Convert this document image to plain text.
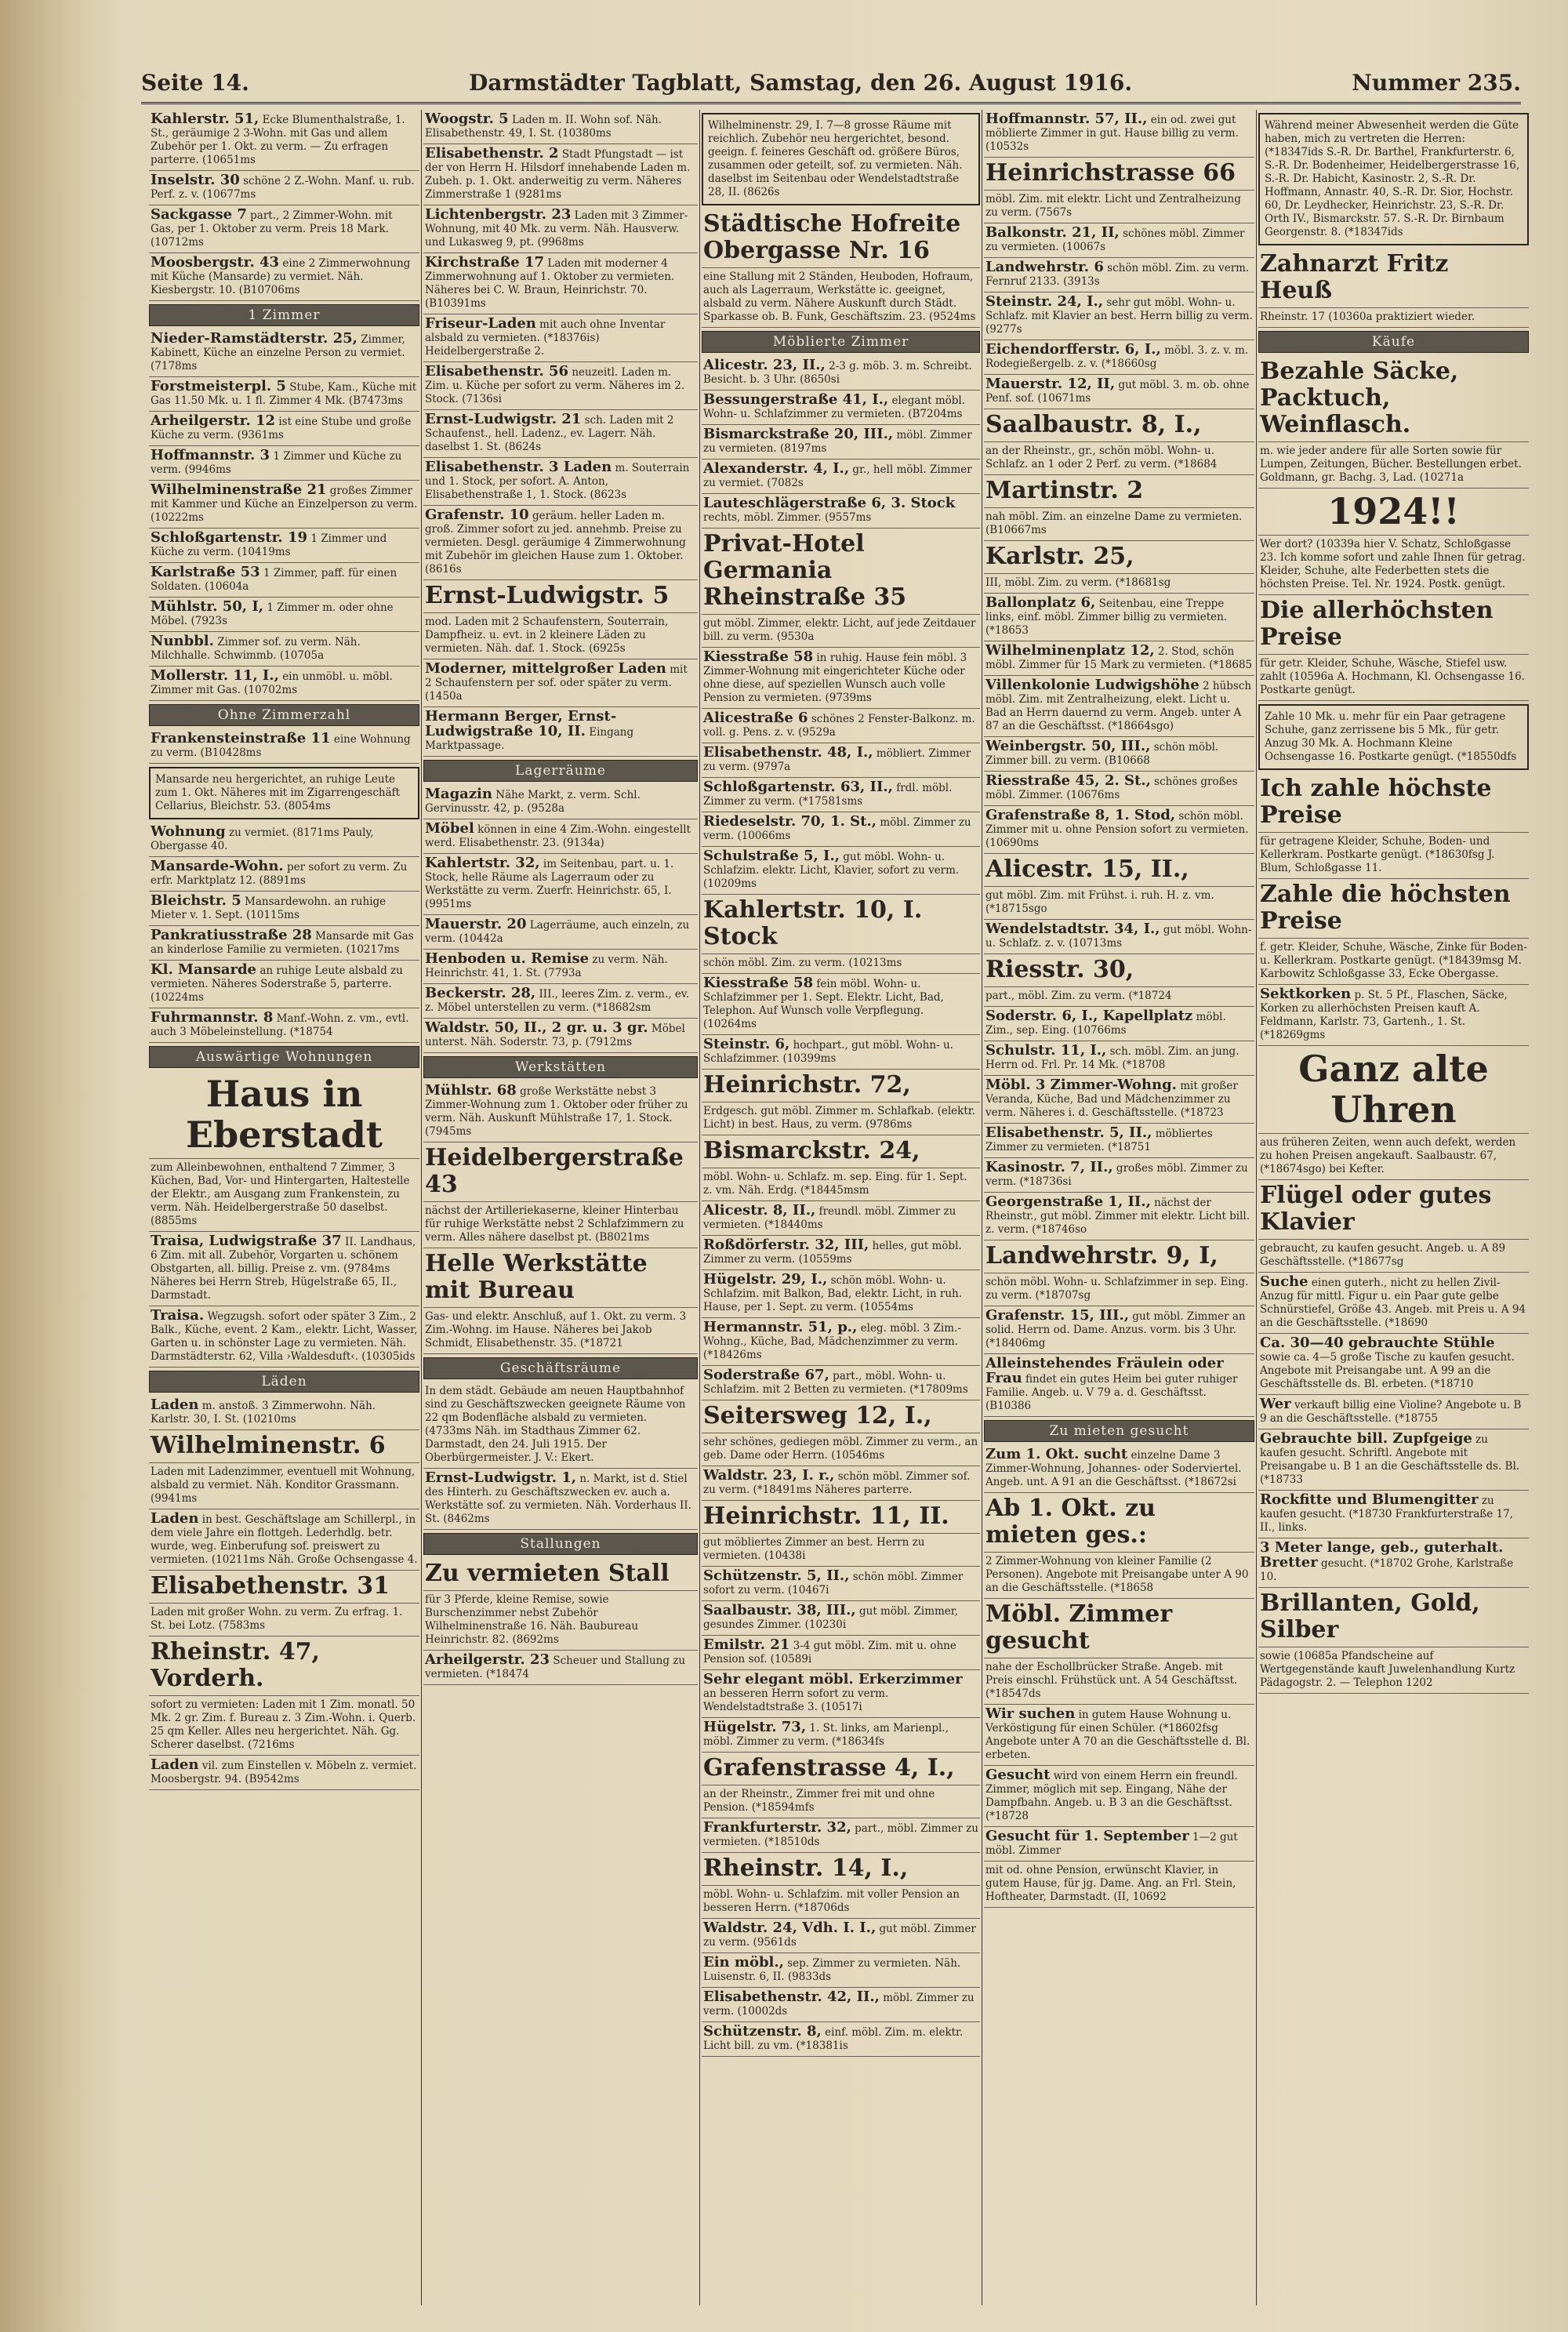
Seite 14.	Darmstädter Tagblatt, Samstag, den 26. August 1916.	Nummer 235.
Kahlerstr. 51, Ecke Blumenthalstraße, 1. St., geräumige 2 3-Wohn. mit Gas und allem Zubehör per 1. Okt. zu verm. — Zu erfragen parterre. (10651ms
Inselstr. 30 schöne 2 Z.-Wohn. Manf. u. rub. Perf. z. v. (10677ms
Sackgasse 7 part., 2 Zimmer-Wohn. mit Gas, per 1. Oktober zu verm. Preis 18 Mark. (10712ms
Moosbergstr. 43 eine 2 Zimmerwohnung mit Küche (Mansarde) zu vermiet. Näh. Kiesbergstr. 10. (B10706ms
1 Zimmer
Nieder-Ramstädterstr. 25, Zimmer, Kabinett, Küche an einzelne Person zu vermiet. (7178ms
Forstmeisterpl. 5 Stube, Kam., Küche mit Gas 11.50 Mk. u. 1 fl. Zimmer 4 Mk. (B7473ms
Arheilgerstr. 12 ist eine Stube und große Küche zu verm. (9361ms
Hoffmannstr. 3 1 Zimmer und Küche zu verm. (9946ms
Wilhelminenstraße 21 großes Zimmer mit Kammer und Küche an Einzelperson zu verm. (10222ms
Schloßgartenstr. 19 1 Zimmer und Küche zu verm. (10419ms
Karlstraße 53 1 Zimmer, paff. für einen Soldaten. (10604a
Mühlstr. 50, I, 1 Zimmer m. oder ohne Möbel. (7923s
Nunbbl. Zimmer sof. zu verm. Näh. Milchhalle. Schwimmb. (10705a
Mollerstr. 11, I., ein unmöbl. u. möbl. Zimmer mit Gas. (10702ms
Ohne Zimmerzahl
Frankensteinstraße 11 eine Wohnung zu verm. (B10428ms
Mansarde neu hergerichtet, an ruhige Leute zum 1. Okt. Näheres mit im Zigarrengeschäft Cellarius, Bleichstr. 53. (8054ms
Wohnung zu vermiet. (8171ms Pauly, Obergasse 40.
Mansarde-Wohn. per sofort zu verm. Zu erfr. Marktplatz 12. (8891ms
Bleichstr. 5 Mansardewohn. an ruhige Mieter v. 1. Sept. (10115ms
Pankratiusstraße 28 Mansarde mit Gas an kinderlose Familie zu vermieten. (10217ms
Kl. Mansarde an ruhige Leute alsbald zu vermieten. Näheres Soderstraße 5, parterre. (10224ms
Fuhrmannstr. 8 Manf.-Wohn. z. vm., evtl. auch 3 Möbeleinstellung. (*18754
Auswärtige Wohnungen
Haus in Eberstadt
zum Alleinbewohnen, enthaltend 7 Zimmer, 3 Küchen, Bad, Vor- und Hintergarten, Haltestelle der Elektr., am Ausgang zum Frankenstein, zu verm. Näh. Heidelbergerstraße 50 daselbst. (8855ms
Traisa, Ludwigstraße 37 II. Landhaus, 6 Zim. mit all. Zubehör, Vorgarten u. schönem Obstgarten, all. billig. Preise z. vm. (9784ms Näheres bei Herrn Streb, Hügelstraße 65, II., Darmstadt.
Traisa. Wegzugsh. sofort oder später 3 Zim., 2 Balk., Küche, event. 2 Kam., elektr. Licht, Wasser, Garten u. in schönster Lage zu vermieten. Näh. Darmstädterstr. 62, Villa ›Waldesduft‹. (10305ids
Läden
Laden m. anstoß. 3 Zimmerwohn. Näh. Karlstr. 30, I. St. (10210ms
Wilhelminenstr. 6
Laden mit Ladenzimmer, eventuell mit Wohnung, alsbald zu vermiet. Näh. Konditor Grassmann. (9941ms
Laden in best. Geschäftslage am Schillerpl., in dem viele Jahre ein flottgeh. Lederhdlg. betr. wurde, weg. Einberufung sof. preiswert zu vermieten. (10211ms Näh. Große Ochsengasse 4.
Elisabethenstr. 31
Laden mit großer Wohn. zu verm. Zu erfrag. 1. St. bei Lotz. (7583ms
Rheinstr. 47, Vorderh.
sofort zu vermieten: Laden mit 1 Zim. monatl. 50 Mk. 2 gr. Zim. f. Bureau z. 3 Zim.-Wohn. i. Querb. 25 qm Keller. Alles neu hergerichtet. Näh. Gg. Scherer daselbst. (7216ms
Laden vil. zum Einstellen v. Möbeln z. vermiet. Moosbergstr. 94. (B9542ms
Woogstr. 5 Laden m. II. Wohn sof. Näh. Elisabethenstr. 49, I. St. (10380ms
Elisabethenstr. 2 Stadt Pfungstadt — ist der von Herrn H. Hilsdorf innehabende Laden m. Zubeh. p. 1. Okt. anderweitig zu verm. Näheres Zimmerstraße 1 (9281ms
Lichtenbergstr. 23 Laden mit 3 Zimmer-Wohnung, mit 40 Mk. zu verm. Näh. Hausverw. und Lukasweg 9, pt. (9968ms
Kirchstraße 17 Laden mit moderner 4 Zimmerwohnung auf 1. Oktober zu vermieten. Näheres bei C. W. Braun, Heinrichstr. 70. (B10391ms
Friseur-Laden mit auch ohne Inventar alsbald zu vermieten. (*18376is) Heidelbergerstraße 2.
Elisabethenstr. 56 neuzeitl. Laden m. Zim. u. Küche per sofort zu verm. Näheres im 2. Stock. (7136si
Ernst-Ludwigstr. 21 sch. Laden mit 2 Schaufenst., hell. Ladenz., ev. Lagerr. Näh. daselbst 1. St. (8624s
Elisabethenstr. 3 Laden m. Souterrain und 1. Stock, per sofort. A. Anton, Elisabethenstraße 1, 1. Stock. (8623s
Grafenstr. 10 geräum. heller Laden m. groß. Zimmer sofort zu jed. annehmb. Preise zu vermieten. Desgl. geräumige 4 Zimmerwohnung mit Zubehör im gleichen Hause zum 1. Oktober. (8616s
Ernst-Ludwigstr. 5
mod. Laden mit 2 Schaufenstern, Souterrain, Dampfheiz. u. evt. in 2 kleinere Läden zu vermieten. Näh. daf. 1. Stock. (6925s
Moderner, mittelgroßer Laden mit 2 Schaufenstern per sof. oder später zu verm. (1450a
Hermann Berger, Ernst-Ludwigstraße 10, II. Eingang Marktpassage.
Lagerräume
Magazin Nähe Markt, z. verm. Schl. Gervinusstr. 42, p. (9528a
Möbel können in eine 4 Zim.-Wohn. eingestellt werd. Elisabethenstr. 23. (9134a)
Kahlertstr. 32, im Seitenbau, part. u. 1. Stock, helle Räume als Lagerraum oder zu Werkstätte zu verm. Zuerfr. Heinrichstr. 65, I. (9951ms
Mauerstr. 20 Lagerräume, auch einzeln, zu verm. (10442a
Henboden u. Remise zu verm. Näh. Heinrichstr. 41, 1. St. (7793a
Beckerstr. 28, III., leeres Zim. z. verm., ev. z. Möbel unterstellen zu verm. (*18682sm
Waldstr. 50, II., 2 gr. u. 3 gr. Möbel unterst. Näh. Soderstr. 73, p. (7912ms
Werkstätten
Mühlstr. 68 große Werkstätte nebst 3 Zimmer-Wohnung zum 1. Oktober oder früher zu verm. Näh. Auskunft Mühlstraße 17, 1. Stock. (7945ms
Heidelbergerstraße 43
nächst der Artilleriekaserne, kleiner Hinterbau für ruhige Werkstätte nebst 2 Schlafzimmern zu verm. Alles nähere daselbst pt. (B8021ms
Helle Werkstätte mit Bureau
Gas- und elektr. Anschluß, auf 1. Okt. zu verm. 3 Zim.-Wohng. im Hause. Näheres bei Jakob Schmidt, Elisabethenstr. 35. (*18721
Geschäftsräume
In dem städt. Gebäude am neuen Hauptbahnhof sind zu Geschäftszwecken geeignete Räume von 22 qm Bodenfläche alsbald zu vermieten. (4733ms Näh. im Stadthaus Zimmer 62. Darmstadt, den 24. Juli 1915. Der Oberbürgermeister. J. V.: Ekert.
Ernst-Ludwigstr. 1, n. Markt, ist d. Stiel des Hinterh. zu Geschäftszwecken ev. auch a. Werkstätte sof. zu vermieten. Näh. Vorderhaus II. St. (8462ms
Stallungen
Zu vermieten Stall
für 3 Pferde, kleine Remise, sowie Burschenzimmer nebst Zubehör Wilhelminenstraße 16. Näh. Baubureau Heinrichstr. 82. (8692ms
Arheilgerstr. 23 Scheuer und Stallung zu vermieten. (*18474
Wilhelminenstr. 29, I. 7—8 grosse Räume mit reichlich. Zubehör neu hergerichtet, besond. geeign. f. feineres Geschäft od. größere Büros, zusammen oder geteilt, sof. zu vermieten. Näh. daselbst im Seitenbau oder Wendelstadtstraße 28, II. (8626s
Städtische Hofreite Obergasse Nr. 16
eine Stallung mit 2 Ständen, Heuboden, Hofraum, auch als Lagerraum, Werkstätte ic. geeignet, alsbald zu verm. Nähere Auskunft durch Städt. Sparkasse ob. B. Funk, Geschäftszim. 23. (9524ms
Möblierte Zimmer
Alicestr. 23, II., 2-3 g. möb. 3. m. Schreibt. Besicht. b. 3 Uhr. (8650si
Bessungerstraße 41, I., elegant möbl. Wohn- u. Schlafzimmer zu vermieten. (B7204ms
Bismarckstraße 20, III., möbl. Zimmer zu vermieten. (8197ms
Alexanderstr. 4, I., gr., hell möbl. Zimmer zu vermiet. (7082s
Lauteschlägerstraße 6, 3. Stock rechts, möbl. Zimmer. (9557ms
Privat-Hotel Germania Rheinstraße 35
gut möbl. Zimmer, elektr. Licht, auf jede Zeitdauer bill. zu verm. (9530a
Kiesstraße 58 in ruhig. Hause fein möbl. 3 Zimmer-Wohnung mit eingerichteter Küche oder ohne diese, auf speziellen Wunsch auch volle Pension zu vermieten. (9739ms
Alicestraße 6 schönes 2 Fenster-Balkonz. m. voll. g. Pens. z. v. (9529a
Elisabethenstr. 48, I., möbliert. Zimmer zu verm. (9797a
Schloßgartenstr. 63, II., frdl. möbl. Zimmer zu verm. (*17581sms
Riedeselstr. 70, 1. St., möbl. Zimmer zu verm. (10066ms
Schulstraße 5, I., gut möbl. Wohn- u. Schlafzim. elektr. Licht, Klavier, sofort zu verm. (10209ms
Kahlertstr. 10, I. Stock
schön möbl. Zim. zu verm. (10213ms
Kiesstraße 58 fein möbl. Wohn- u. Schlafzimmer per 1. Sept. Elektr. Licht, Bad, Telephon. Auf Wunsch volle Verpflegung. (10264ms
Steinstr. 6, hochpart., gut möbl. Wohn- u. Schlafzimmer. (10399ms
Heinrichstr. 72,
Erdgesch. gut möbl. Zimmer m. Schlafkab. (elektr. Licht) in best. Haus, zu verm. (9786ms
Bismarckstr. 24,
möbl. Wohn- u. Schlafz. m. sep. Eing. für 1. Sept. z. vm. Näh. Erdg. (*18445msm
Alicestr. 8, II., freundl. möbl. Zimmer zu vermieten. (*18440ms
Roßdörferstr. 32, III, helles, gut möbl. Zimmer zu verm. (10559ms
Hügelstr. 29, I., schön möbl. Wohn- u. Schlafzim. mit Balkon, Bad, elektr. Licht, in ruh. Hause, per 1. Sept. zu verm. (10554ms
Hermannstr. 51, p., eleg. möbl. 3 Zim.-Wohng., Küche, Bad, Mädchenzimmer zu verm. (*18426ms
Soderstraße 67, part., möbl. Wohn- u. Schlafzim. mit 2 Betten zu vermieten. (*17809ms
Seitersweg 12, I.,
sehr schönes, gediegen möbl. Zimmer zu verm., an geb. Dame oder Herrn. (10546ms
Waldstr. 23, I. r., schön möbl. Zimmer sof. zu verm. (*18491ms Näheres parterre.
Heinrichstr. 11, II.
gut möbliertes Zimmer an best. Herrn zu vermieten. (10438i
Schützenstr. 5, II., schön möbl. Zimmer sofort zu verm. (10467i
Saalbaustr. 38, III., gut möbl. Zimmer, gesundes Zimmer. (10230i
Emilstr. 21 3-4 gut möbl. Zim. mit u. ohne Pension sof. (10589i
Sehr elegant möbl. Erkerzimmer an besseren Herrn sofort zu verm. Wendelstadtstraße 3. (10517i
Hügelstr. 73, 1. St. links, am Marienpl., möbl. Zimmer zu verm. (*18634fs
Grafenstrasse 4, I.,
an der Rheinstr., Zimmer frei mit und ohne Pension. (*18594mfs
Frankfurterstr. 32, part., möbl. Zimmer zu vermieten. (*18510ds
Rheinstr. 14, I.,
möbl. Wohn- u. Schlafzim. mit voller Pension an besseren Herrn. (*18706ds
Waldstr. 24, Vdh. I. I., gut möbl. Zimmer zu verm. (9561ds
Ein möbl., sep. Zimmer zu vermieten. Näh. Luisenstr. 6, II. (9833ds
Elisabethenstr. 42, II., möbl. Zimmer zu verm. (10002ds
Schützenstr. 8, einf. möbl. Zim. m. elektr. Licht bill. zu vm. (*18381is
Hoffmannstr. 57, II., ein od. zwei gut möblierte Zimmer in gut. Hause billig zu verm. (10532s
Heinrichstrasse 66
möbl. Zim. mit elektr. Licht und Zentralheizung zu verm. (7567s
Balkonstr. 21, II, schönes möbl. Zimmer zu vermieten. (10067s
Landwehrstr. 6 schön möbl. Zim. zu verm. Fernruf 2133. (3913s
Steinstr. 24, I., sehr gut möbl. Wohn- u. Schlafz. mit Klavier an best. Herrn billig zu verm. (9277s
Eichendorfferstr. 6, I., möbl. 3. z. v. m. Rodegießergelb. z. v. (*18660sg
Mauerstr. 12, II, gut möbl. 3. m. ob. ohne Penf. sof. (10671ms
Saalbaustr. 8, I.,
an der Rheinstr., gr., schön möbl. Wohn- u. Schlafz. an 1 oder 2 Perf. zu verm. (*18684
Martinstr. 2
nah möbl. Zim. an einzelne Dame zu vermieten. (B10667ms
Karlstr. 25,
III, möbl. Zim. zu verm. (*18681sg
Ballonplatz 6, Seitenbau, eine Treppe links, einf. möbl. Zimmer billig zu vermieten. (*18653
Wilhelminenplatz 12, 2. Stod, schön möbl. Zimmer für 15 Mark zu vermieten. (*18685
Villenkolonie Ludwigshöhe 2 hübsch möbl. Zim. mit Zentralheizung, elekt. Licht u. Bad an Herrn dauernd zu verm. Angeb. unter A 87 an die Geschäftsst. (*18664sgo)
Weinbergstr. 50, III., schön möbl. Zimmer bill. zu verm. (B10668
Riesstraße 45, 2. St., schönes großes möbl. Zimmer. (10676ms
Grafenstraße 8, 1. Stod, schön möbl. Zimmer mit u. ohne Pension sofort zu vermieten. (10690ms
Alicestr. 15, II.,
gut möbl. Zim. mit Frühst. i. ruh. H. z. vm. (*18715sgo
Wendelstadtstr. 34, I., gut möbl. Wohn- u. Schlafz. z. v. (10713ms
Riesstr. 30,
part., möbl. Zim. zu verm. (*18724
Soderstr. 6, I., Kapellplatz möbl. Zim., sep. Eing. (10766ms
Schulstr. 11, I., sch. möbl. Zim. an jung. Herrn od. Frl. Pr. 14 Mk. (*18708
Möbl. 3 Zimmer-Wohng. mit großer Veranda, Küche, Bad und Mädchenzimmer zu verm. Näheres i. d. Geschäftsstelle. (*18723
Elisabethenstr. 5, II., möbliertes Zimmer zu vermieten. (*18751
Kasinostr. 7, II., großes möbl. Zimmer zu verm. (*18736si
Georgenstraße 1, II., nächst der Rheinstr., gut möbl. Zimmer mit elektr. Licht bill. z. verm. (*18746so
Landwehrstr. 9, I,
schön möbl. Wohn- u. Schlafzimmer in sep. Eing. zu verm. (*18707sg
Grafenstr. 15, III., gut möbl. Zimmer an solid. Herrn od. Dame. Anzus. vorm. bis 3 Uhr. (*18406mg
Alleinstehendes Fräulein oder Frau findet ein gutes Heim bei guter ruhiger Familie. Angeb. u. V 79 a. d. Geschäftsst. (B10386
Zu mieten gesucht
Zum 1. Okt. sucht einzelne Dame 3 Zimmer-Wohnung, Johannes- oder Soderviertel. Angeb. unt. A 91 an die Geschäftsst. (*18672si
Ab 1. Okt. zu mieten ges.:
2 Zimmer-Wohnung von kleiner Familie (2 Personen). Angebote mit Preisangabe unter A 90 an die Geschäftsstelle. (*18658
Möbl. Zimmer gesucht
nahe der Eschollbrücker Straße. Angeb. mit Preis einschl. Frühstück unt. A 54 Geschäftsst. (*18547ds
Wir suchen in gutem Hause Wohnung u. Verköstigung für einen Schüler. (*18602fsg Angebote unter A 70 an die Geschäftsstelle d. Bl. erbeten.
Gesucht wird von einem Herrn ein freundl. Zimmer, möglich mit sep. Eingang, Nähe der Dampfbahn. Angeb. u. B 3 an die Geschäftsst. (*18728
Gesucht für 1. September 1—2 gut möbl. Zimmer
mit od. ohne Pension, erwünscht Klavier, in gutem Hause, für jg. Dame. Ang. an Frl. Stein, Hoftheater, Darmstadt. (II, 10692
Während meiner Abwesenheit werden die Güte haben, mich zu vertreten die Herren: (*18347ids S.-R. Dr. Barthel, Frankfurterstr. 6, S.-R. Dr. Bodenheimer, Heidelbergerstrasse 16, S.-R. Dr. Habicht, Kasinostr. 2, S.-R. Dr. Hoffmann, Annastr. 40, S.-R. Dr. Sior, Hochstr. 60, Dr. Leydhecker, Heinrichstr. 23, S.-R. Dr. Orth IV., Bismarckstr. 57. S.-R. Dr. Birnbaum Georgenstr. 8. (*18347ids
Zahnarzt Fritz Heuß
Rheinstr. 17 (10360a praktiziert wieder.
Käufe
Bezahle Säcke, Packtuch, Weinflasch.
m. wie jeder andere für alle Sorten sowie für Lumpen, Zeitungen, Bücher. Bestellungen erbet. Goldmann, gr. Bachg. 3, Lad. (10271a
1924!!
Wer dort? (10339a hier V. Schatz, Schloßgasse 23. Ich komme sofort und zahle Ihnen für getrag. Kleider, Schuhe, alte Federbetten stets die höchsten Preise. Tel. Nr. 1924. Postk. genügt.
Die allerhöchsten Preise
für getr. Kleider, Schuhe, Wäsche, Stiefel usw. zahlt (10596a A. Hochmann, Kl. Ochsengasse 16. Postkarte genügt.
Zahle 10 Mk. u. mehr für ein Paar getragene Schuhe, ganz zerrissene bis 5 Mk., für getr. Anzug 30 Mk. A. Hochmann Kleine Ochsengasse 16. Postkarte genügt. (*18550dfs
Ich zahle höchste Preise
für getragene Kleider, Schuhe, Boden- und Kellerkram. Postkarte genügt. (*18630fsg J. Blum, Schloßgasse 11.
Zahle die höchsten Preise
f. getr. Kleider, Schuhe, Wäsche, Zinke für Boden- u. Kellerkram. Postkarte genügt. (*18439msg M. Karbowitz Schloßgasse 33, Ecke Obergasse.
Sektkorken p. St. 5 Pf., Flaschen, Säcke, Korken zu allerhöchsten Preisen kauft A. Feldmann, Karlstr. 73, Gartenh., 1. St. (*18269gms
Ganz alte Uhren
aus früheren Zeiten, wenn auch defekt, werden zu hohen Preisen angekauft. Saalbaustr. 67, (*18674sgo) bei Kefter.
Flügel oder gutes Klavier
gebraucht, zu kaufen gesucht. Angeb. u. A 89 Geschäftsstelle. (*18677sg
Suche einen guterh., nicht zu hellen Zivil-Anzug für mittl. Figur u. ein Paar gute gelbe Schnürstiefel, Größe 43. Angeb. mit Preis u. A 94 an die Geschäftsstelle. (*18690
Ca. 30—40 gebrauchte Stühle sowie ca. 4—5 große Tische zu kaufen gesucht. Angebote mit Preisangabe unt. A 99 an die Geschäftsstelle ds. Bl. erbeten. (*18710
Wer verkauft billig eine Violine? Angebote u. B 9 an die Geschäftsstelle. (*18755
Gebrauchte bill. Zupfgeige zu kaufen gesucht. Schriftl. Angebote mit Preisangabe u. B 1 an die Geschäftsstelle ds. Bl. (*18733
Rockfitte und Blumengitter zu kaufen gesucht. (*18730 Frankfurterstraße 17, II., links.
3 Meter lange, geb., guterhalt. Bretter gesucht. (*18702 Grohe, Karlstraße 10.
Brillanten, Gold, Silber
sowie (10685a Pfandscheine auf Wertgegenstände kauft Juwelenhandlung Kurtz Pädagogstr. 2. — Telephon 1202
